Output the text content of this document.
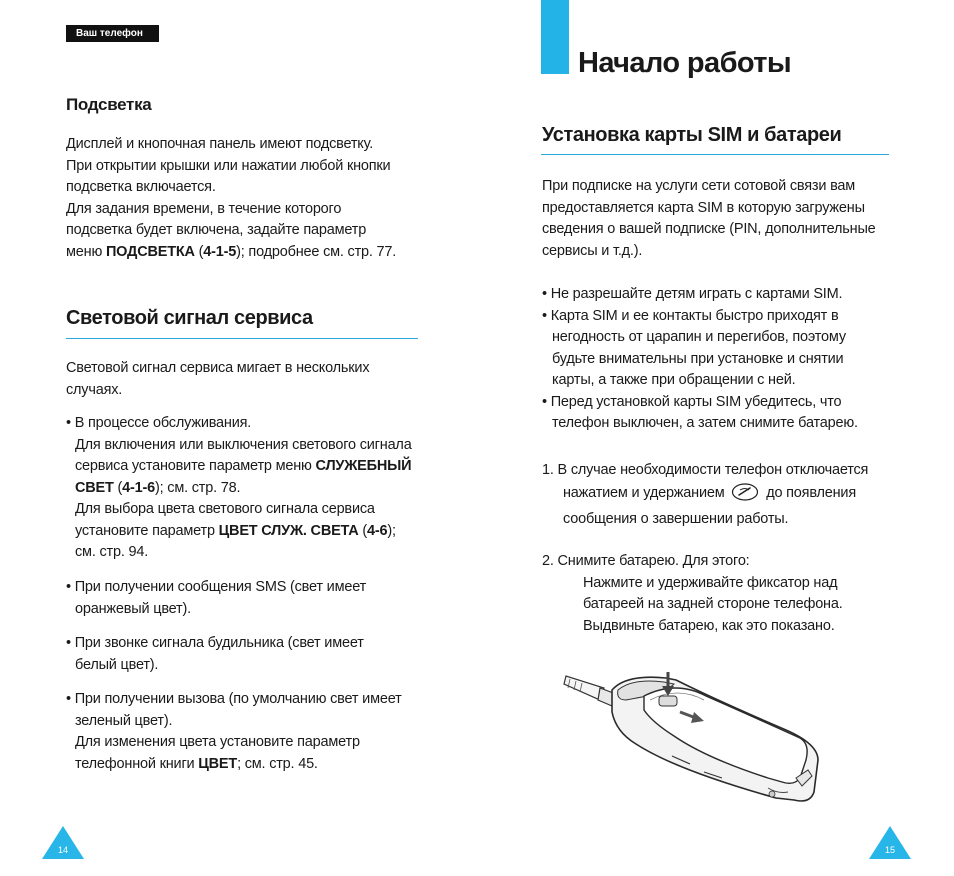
Ваш телефон
Подсветка
Дисплей и кнопочная панель имеют подсветку.
При открытии крышки или нажатии любой кнопки
подсветка включается.
Для задания времени, в течение которого
подсветка будет включена, задайте параметр
меню ПОДСВЕТКА (4-1-5); подробнее см. стр. 77.
Световой сигнал сервиса
Световой сигнал сервиса мигает в нескольких
случаях.
• В процессе обслуживания.
Для включения или выключения светового сигнала
сервиса установите параметр меню СЛУЖЕБНЫЙ
СВЕТ (4-1-6); см. стр. 78.
Для выбора цвета светового сигнала сервиса
установите параметр ЦВЕТ СЛУЖ. СВЕТА (4-6);
см. стр. 94.
• При получении сообщения SMS (свет имеет
оранжевый цвет).
• При звонке сигнала будильника (свет имеет
белый цвет).
• При получении вызова (по умолчанию свет имеет
зеленый цвет).
Для изменения цвета установите параметр
телефонной книги ЦВЕТ; см. стр. 45.
14
Начало работы
Установка карты SIM и батареи
При подписке на услуги сети сотовой связи вам
предоставляется карта SIM в которую загружены
сведения о вашей подписке (PIN, дополнительные
сервисы и т.д.).
• Не разрешайте детям играть с картами SIM.
• Карта SIM и ее контакты быстро приходят в
негодность от царапин и перегибов, поэтому
будьте внимательны при установке и снятии
карты, а также при обращении с ней.
• Перед установкой карты SIM убедитесь, что
телефон выключен, а затем снимите батарею.
1. В случае необходимости телефон отключается
нажатием и удержанием	до появления
сообщения о завершении работы.
2. Снимите батарею. Для этого:
Нажмите и удерживайте фиксатор над
батареей на задней стороне телефона.
Выдвиньте батарею, как это показано.
15
